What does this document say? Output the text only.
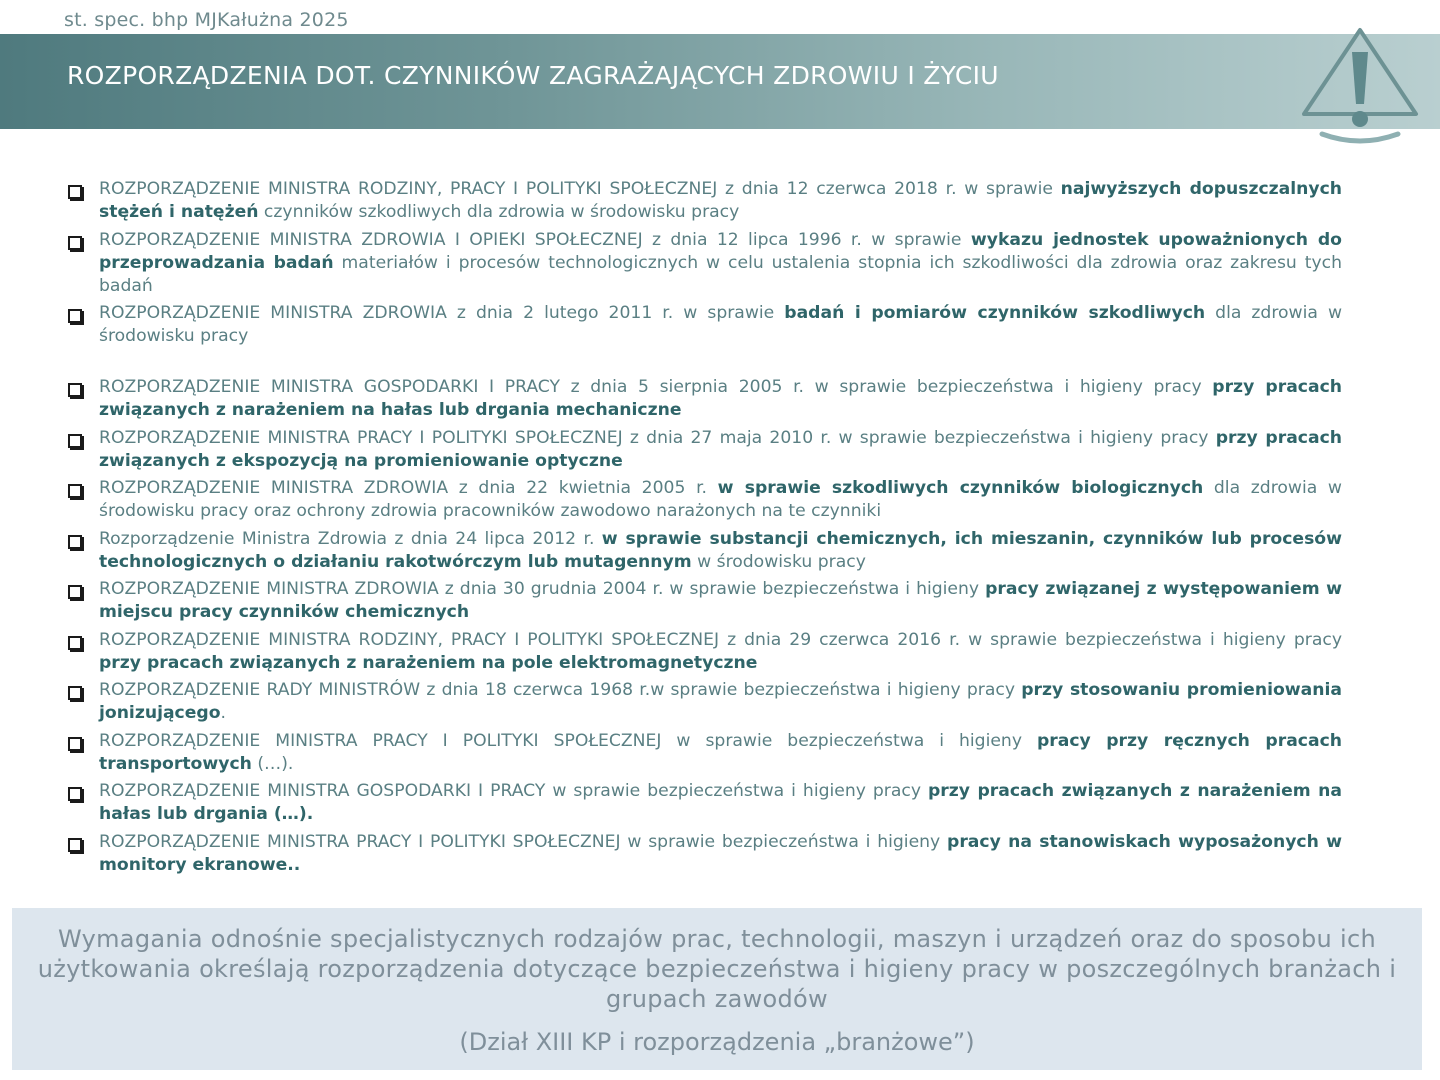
st. spec. bhp MJKałużna 2025
ROZPORZĄDZENIA DOT. CZYNNIKÓW ZAGRAŻAJĄCYCH ZDROWIU I ŻYCIU
ROZPORZĄDZENIE MINISTRA RODZINY, PRACY I POLITYKI SPOŁECZNEJ z dnia 12 czerwca 2018 r. w sprawie najwyższych dopuszczalnych stężeń i natężeń czynników szkodliwych dla zdrowia w środowisku pracy
ROZPORZĄDZENIE MINISTRA ZDROWIA I OPIEKI SPOŁECZNEJ z dnia 12 lipca 1996 r. w sprawie wykazu jednostek upoważnionych do przeprowadzania badań materiałów i procesów technologicznych w celu ustalenia stopnia ich szkodliwości dla zdrowia oraz zakresu tych badań
ROZPORZĄDZENIE MINISTRA ZDROWIA z dnia 2 lutego 2011 r. w sprawie badań i pomiarów czynników szkodliwych dla zdrowia w środowisku pracy
ROZPORZĄDZENIE MINISTRA GOSPODARKI I PRACY z dnia 5 sierpnia 2005 r. w sprawie bezpieczeństwa i higieny pracy przy pracach związanych z narażeniem na hałas lub drgania mechaniczne
ROZPORZĄDZENIE MINISTRA PRACY I POLITYKI SPOŁECZNEJ z dnia 27 maja 2010 r. w sprawie bezpieczeństwa i higieny pracy przy pracach związanych z ekspozycją na promieniowanie optyczne
ROZPORZĄDZENIE MINISTRA ZDROWIA z dnia 22 kwietnia 2005 r. w sprawie szkodliwych czynników biologicznych dla zdrowia w środowisku pracy oraz ochrony zdrowia pracowników zawodowo narażonych na te czynniki
Rozporządzenie Ministra Zdrowia z dnia 24 lipca 2012 r. w sprawie substancji chemicznych, ich mieszanin, czynników lub procesów technologicznych o działaniu rakotwórczym lub mutagennym w środowisku pracy
ROZPORZĄDZENIE MINISTRA ZDROWIA z dnia 30 grudnia 2004 r. w sprawie bezpieczeństwa i higieny pracy związanej z występowaniem w miejscu pracy czynników chemicznych
ROZPORZĄDZENIE MINISTRA RODZINY, PRACY I POLITYKI SPOŁECZNEJ z dnia 29 czerwca 2016 r. w sprawie bezpieczeństwa i higieny pracy przy pracach związanych z narażeniem na pole elektromagnetyczne
ROZPORZĄDZENIE RADY MINISTRÓW z dnia 18 czerwca 1968 r.w sprawie bezpieczeństwa i higieny pracy przy stosowaniu promieniowania jonizującego.
ROZPORZĄDZENIE MINISTRA PRACY I POLITYKI SPOŁECZNEJ w sprawie bezpieczeństwa i higieny pracy przy ręcznych pracach transportowych (…).
ROZPORZĄDZENIE MINISTRA GOSPODARKI I PRACY w sprawie bezpieczeństwa i higieny pracy przy pracach związanych z narażeniem na hałas lub drgania (…).
ROZPORZĄDZENIE MINISTRA PRACY I POLITYKI SPOŁECZNEJ w sprawie bezpieczeństwa i higieny pracy na stanowiskach wyposażonych w monitory ekranowe..
Wymagania odnośnie specjalistycznych rodzajów prac, technologii, maszyn i urządzeń oraz do sposobu ich użytkowania określają rozporządzenia dotyczące bezpieczeństwa i higieny pracy w poszczególnych branżach i grupach zawodów
(Dział XIII KP i rozporządzenia „branżowe”)
